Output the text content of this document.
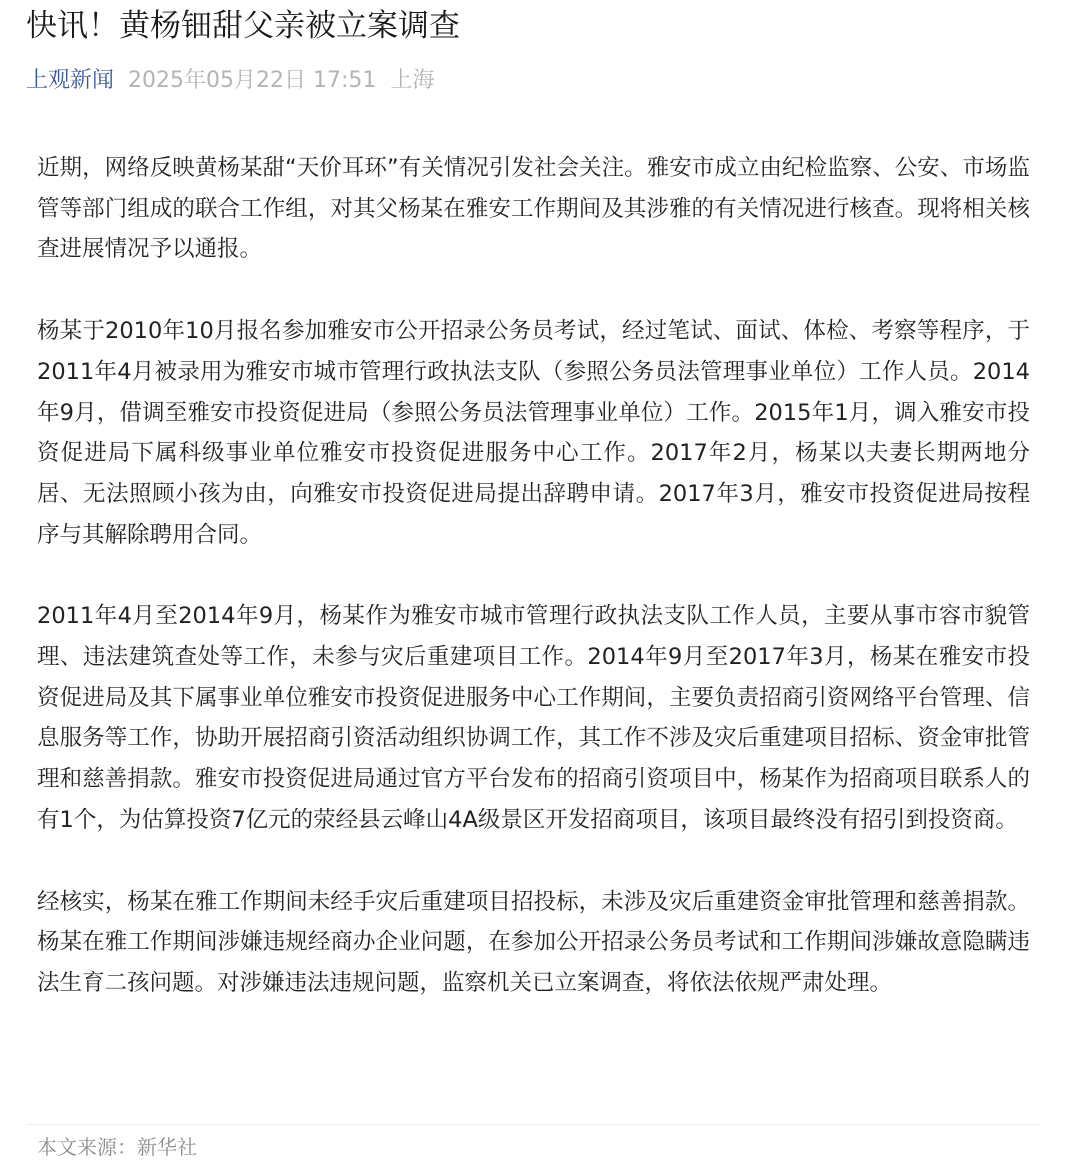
快讯！黄杨钿甜父亲被立案调查
上观新闻 2025年05月22日 17:51 上海

近期，网络反映黄杨某甜“天价耳环”有关情况引发社会关注。雅安市成立由纪检监察、公安、市场监管等部门组成的联合工作组，对其父杨某在雅安工作期间及其涉雅的有关情况进行核查。现将相关核查进展情况予以通报。

杨某于2010年10月报名参加雅安市公开招录公务员考试，经过笔试、面试、体检、考察等程序，于2011年4月被录用为雅安市城市管理行政执法支队（参照公务员法管理事业单位）工作人员。2014年9月，借调至雅安市投资促进局（参照公务员法管理事业单位）工作。2015年1月，调入雅安市投资促进局下属科级事业单位雅安市投资促进服务中心工作。2017年2月，杨某以夫妻长期两地分居、无法照顾小孩为由，向雅安市投资促进局提出辞聘申请。2017年3月，雅安市投资促进局按程序与其解除聘用合同。

2011年4月至2014年9月，杨某作为雅安市城市管理行政执法支队工作人员，主要从事市容市貌管理、违法建筑查处等工作，未参与灾后重建项目工作。2014年9月至2017年3月，杨某在雅安市投资促进局及其下属事业单位雅安市投资促进服务中心工作期间，主要负责招商引资网络平台管理、信息服务等工作，协助开展招商引资活动组织协调工作，其工作不涉及灾后重建项目招标、资金审批管理和慈善捐款。雅安市投资促进局通过官方平台发布的招商引资项目中，杨某作为招商项目联系人的有1个，为估算投资7亿元的荥经县云峰山4A级景区开发招商项目，该项目最终没有招引到投资商。

经核实，杨某在雅工作期间未经手灾后重建项目招投标，未涉及灾后重建资金审批管理和慈善捐款。杨某在雅工作期间涉嫌违规经商办企业问题，在参加公开招录公务员考试和工作期间涉嫌故意隐瞒违法生育二孩问题。对涉嫌违法违规问题，监察机关已立案调查，将依法依规严肃处理。

本文来源：新华社
